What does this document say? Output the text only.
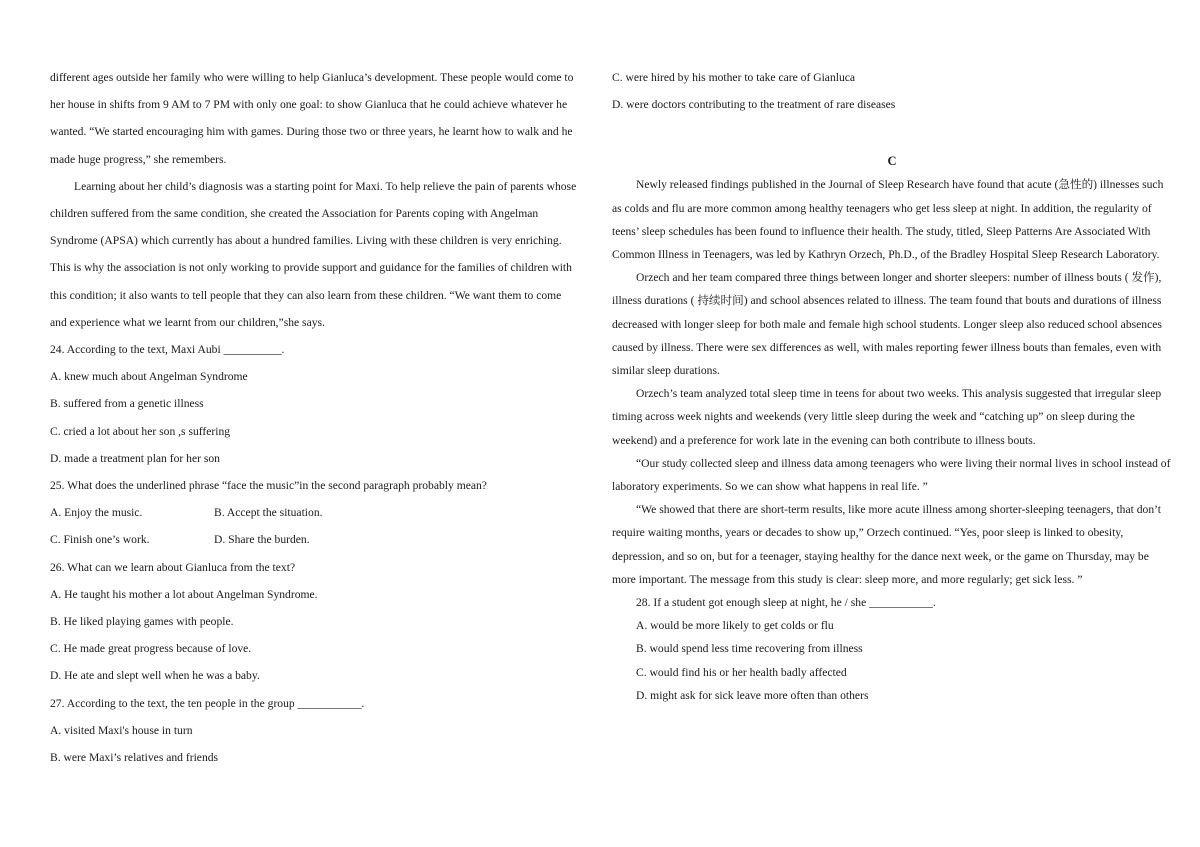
different ages outside her family who were willing to help Gianluca’s development. These people would come to her house in shifts from 9 AM to 7 PM with only one goal: to show Gianluca that he could achieve whatever he wanted. “We started encouraging him with games. During those two or three years, he learnt how to walk and he made huge progress,” she remembers.

Learning about her child’s diagnosis was a starting point for Maxi. To help relieve the pain of parents whose children suffered from the same condition, she created the Association for Parents coping with Angelman Syndrome (APSA) which currently has about a hundred families. Living with these children is very enriching. This is why the association is not only working to provide support and guidance for the families of children with this condition; it also wants to tell people that they can also learn from these children. “We want them to come and experience what we learnt from our children,”she says.

24. According to the text, Maxi Aubi __________.

A. knew much about Angelman Syndrome

B. suffered from a genetic illness

C. cried a lot about her son ,s suffering

D. made a treatment plan for her son

25. What does the underlined phrase “face the music”in the second paragraph probably mean?

A. Enjoy the music.	B. Accept the situation.
C. Finish one’s work.	D. Share the burden.

26. What can we learn about Gianluca from the text?

A. He taught his mother a lot about Angelman Syndrome.

B. He liked playing games with people.

C. He made great progress because of love.

D. He ate and slept well when he was a baby.

27. According to the text, the ten people in the group ___________.

A. visited Maxi's house in turn

B. were Maxi’s relatives and friends

C. were hired by his mother to take care of Gianluca

D. were doctors contributing to the treatment of rare diseases

C

Newly released findings published in the Journal of Sleep Research have found that acute (急性的) illnesses such as colds and flu are more common among healthy teenagers who get less sleep at night. In addition, the regularity of teens’ sleep schedules has been found to influence their health. The study, titled, Sleep Patterns Are Associated With Common Illness in Teenagers, was led by Kathryn Orzech, Ph.D., of the Bradley Hospital Sleep Research Laboratory.

Orzech and her team compared three things between longer and shorter sleepers: number of illness bouts ( 发作), illness durations ( 持续时间) and school absences related to illness. The team found that bouts and durations of illness decreased with longer sleep for both male and female high school students. Longer sleep also reduced school absences caused by illness. There were sex differences as well, with males reporting fewer illness bouts than females, even with similar sleep durations.

Orzech’s team analyzed total sleep time in teens for about two weeks. This analysis suggested that irregular sleep timing across week nights and weekends (very little sleep during the week and “catching up” on sleep during the weekend) and a preference for work late in the evening can both contribute to illness bouts.

“Our study collected sleep and illness data among teenagers who were living their normal lives in school instead of laboratory experiments. So we can show what happens in real life. ”

“We showed that there are short-term results, like more acute illness among shorter-sleeping teenagers, that don’t require waiting months, years or decades to show up,” Orzech continued. “Yes, poor sleep is linked to obesity, depression, and so on, but for a teenager, staying healthy for the dance next week, or the game on Thursday, may be more important. The message from this study is clear: sleep more, and more regularly; get sick less. ”

28. If a student got enough sleep at night, he / she ___________.

A. would be more likely to get colds or flu

B. would spend less time recovering from illness

C. would find his or her health badly affected

D. might ask for sick leave more often than others
